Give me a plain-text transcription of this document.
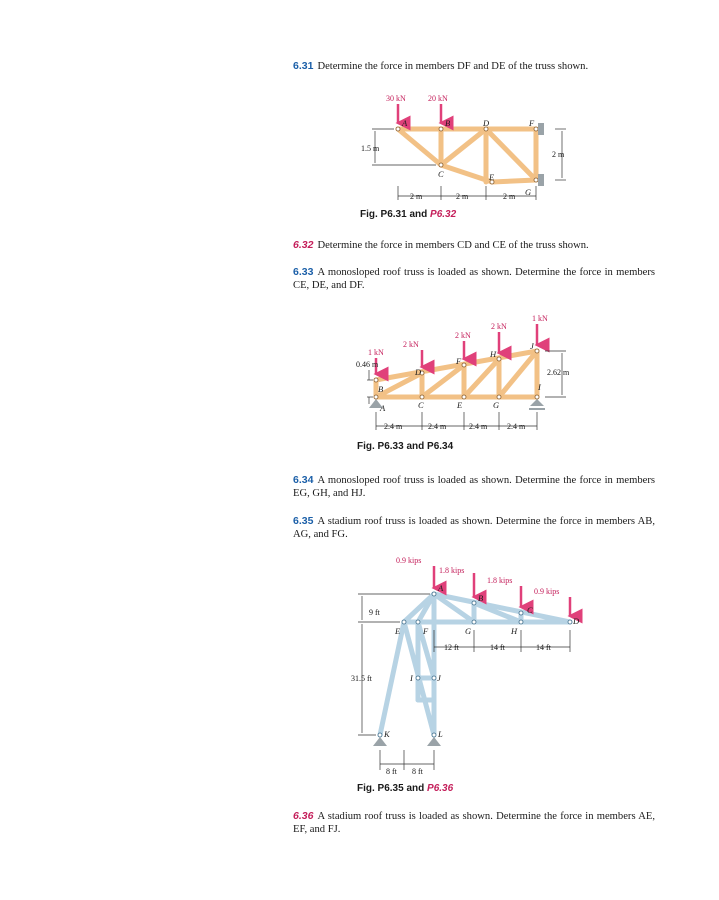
6.31 Determine the force in members DF and DE of the truss shown.
6.32 Determine the force in members CD and CE of the truss shown.
6.33 A monosloped roof truss is loaded as shown. Determine the force in members CE, DE, and DF.
6.34 A monosloped roof truss is loaded as shown. Determine the force in members EG, GH, and HJ.
6.35 A stadium roof truss is loaded as shown. Determine the force in members AB, AG, and FG.
6.36 A stadium roof truss is loaded as shown. Determine the force in members AE, EF, and FJ.
Fig. P6.31 and P6.32
Fig. P6.33 and P6.34
Fig. P6.35 and P6.36
30 kN	20 kN
A	B	D	F
C	E
G
1.5 m
2 m
2 m	2 m	2 m
1 kN
2 kN
2 kN
2 kN
1 kN
A
B
C
D
E
F
G
H
I
J
0.46 m
2.62 m
2.4 m	2.4 m	2.4 m 2.4 m
0.9 kips
1.8 kips
1.8 kips
0.9 kips
A
B
C
D
E	F	G	H
I	J
K	L
9 ft
31.5 ft
12 ft	14 ft	14 ft
8 ft 8 ft
